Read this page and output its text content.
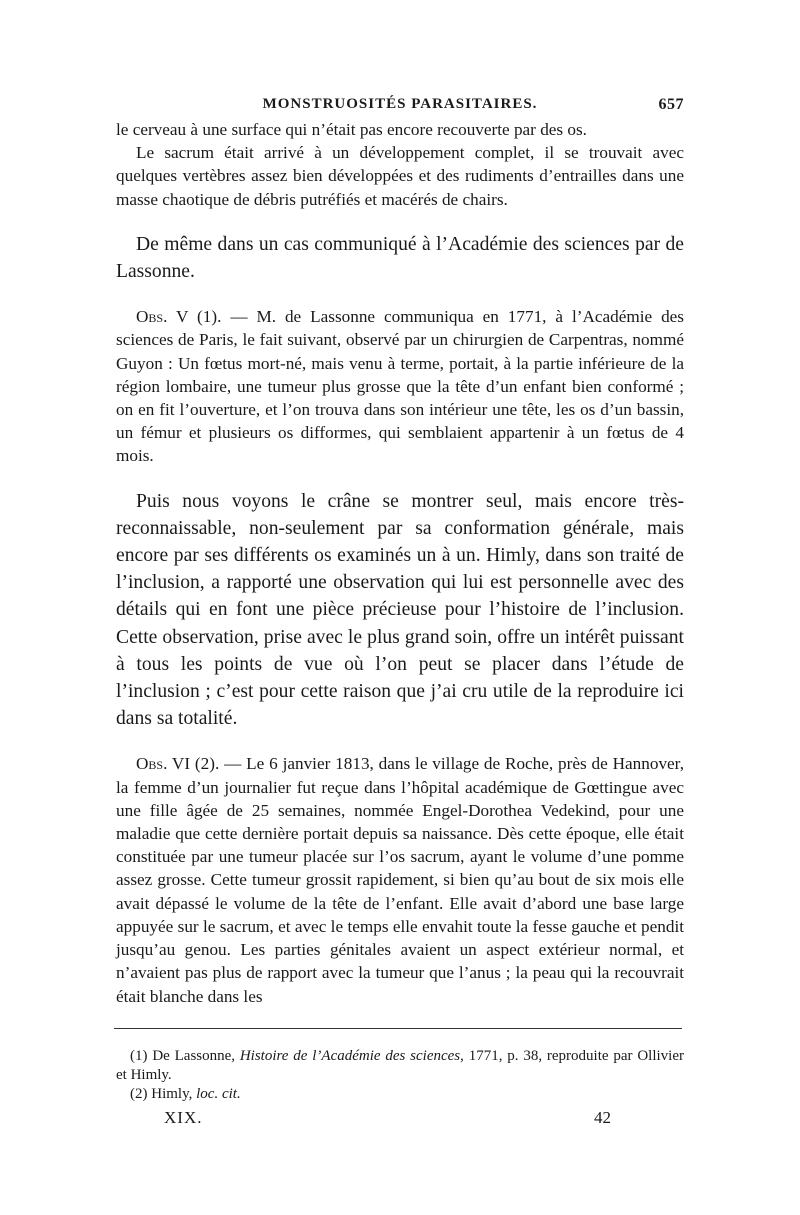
MONSTRUOSITÉS PARASITAIRES.	657

le cerveau à une surface qui n’était pas encore recouverte par des os.

Le sacrum était arrivé à un développement complet, il se trouvait avec quelques vertèbres assez bien développées et des rudiments d’entrailles dans une masse chaotique de débris putréfiés et macérés de chairs.

De même dans un cas communiqué à l’Académie des sciences par de Lassonne.

Obs. V (1). — M. de Lassonne communiqua en 1771, à l’Académie des sciences de Paris, le fait suivant, observé par un chirurgien de Carpentras, nommé Guyon : Un fœtus mort-né, mais venu à terme, portait, à la partie inférieure de la région lombaire, une tumeur plus grosse que la tête d’un enfant bien conformé ; on en fit l’ouverture, et l’on trouva dans son intérieur une tête, les os d’un bassin, un fémur et plusieurs os difformes, qui semblaient appartenir à un fœtus de 4 mois.

Puis nous voyons le crâne se montrer seul, mais encore très-reconnaissable, non-seulement par sa conformation générale, mais encore par ses différents os examinés un à un. Himly, dans son traité de l’inclusion, a rapporté une observation qui lui est personnelle avec des détails qui en font une pièce précieuse pour l’histoire de l’inclusion. Cette observation, prise avec le plus grand soin, offre un intérêt puissant à tous les points de vue où l’on peut se placer dans l’étude de l’inclusion ; c’est pour cette raison que j’ai cru utile de la reproduire ici dans sa totalité.

Obs. VI (2). — Le 6 janvier 1813, dans le village de Roche, près de Hannover, la femme d’un journalier fut reçue dans l’hôpital académique de Gœttingue avec une fille âgée de 25 semaines, nommée Engel-Dorothea Vedekind, pour une maladie que cette dernière portait depuis sa naissance. Dès cette époque, elle était constituée par une tumeur placée sur l’os sacrum, ayant le volume d’une pomme assez grosse. Cette tumeur grossit rapidement, si bien qu’au bout de six mois elle avait dépassé le volume de la tête de l’enfant. Elle avait d’abord une base large appuyée sur le sacrum, et avec le temps elle envahit toute la fesse gauche et pendit jusqu’au genou. Les parties génitales avaient un aspect extérieur normal, et n’avaient pas plus de rapport avec la tumeur que l’anus ; la peau qui la recouvrait était blanche dans les

(1) De Lassonne, Histoire de l’Académie des sciences, 1771, p. 38, reproduite par Ollivier et Himly.

(2) Himly, loc. cit.

XIX.	42
